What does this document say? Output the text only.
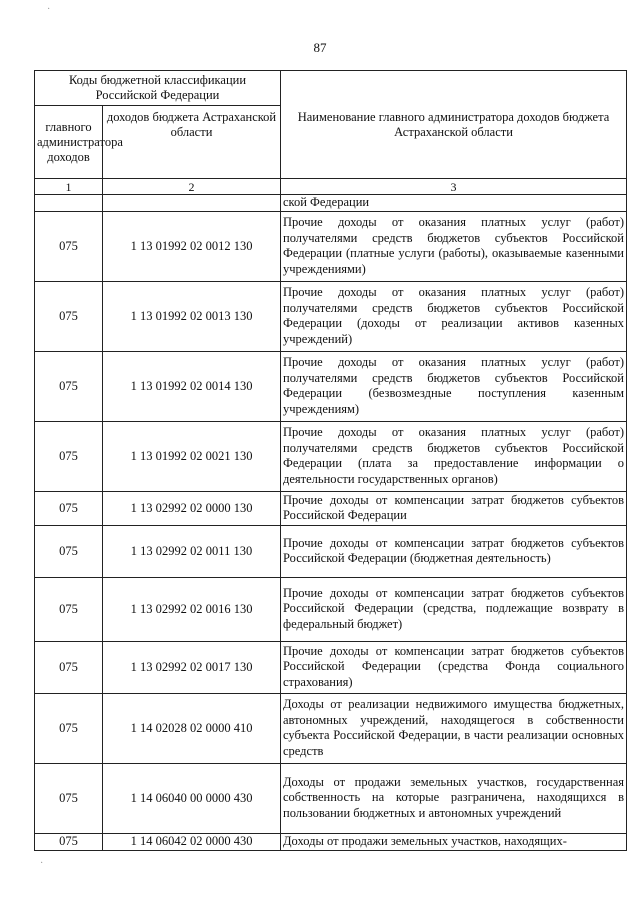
87
·
·
Коды бюджетной классификации Российской Федерации		Наименование главного администратора доходов бюджета Астраханской области
главного администратора доходов	доходов бюджета Астраханской области	
1	2	3
		ской Федерации
075	1 13 01992 02 0012 130	Прочие доходы от оказания платных услуг (работ) получателями средств бюджетов субъектов Российской Федерации (платные услуги (работы), оказываемые казенными учреждениями)
075	1 13 01992 02 0013 130	Прочие доходы от оказания платных услуг (работ) получателями средств бюджетов субъектов Российской Федерации (доходы от реализации активов казенных учреждений)
075	1 13 01992 02 0014 130	Прочие доходы от оказания платных услуг (работ) получателями средств бюджетов субъектов Российской Федерации (безвозмездные поступления казенным учреждениям)
075	1 13 01992 02 0021 130	Прочие доходы от оказания платных услуг (работ) получателями средств бюджетов субъектов Российской Федерации (плата за предоставление информации о деятельности государственных органов)
075	1 13 02992 02 0000 130	Прочие доходы от компенсации затрат бюджетов субъектов Российской Федерации
075	1 13 02992 02 0011 130	Прочие доходы от компенсации затрат бюджетов субъектов Российской Федерации (бюджетная деятельность)
075	1 13 02992 02 0016 130	Прочие доходы от компенсации затрат бюджетов субъектов Российской Федерации (средства, подлежащие возврату в федеральный бюджет)
075	1 13 02992 02 0017 130	Прочие доходы от компенсации затрат бюджетов субъектов Российской Федерации (средства Фонда социального страхования)
075	1 14 02028 02 0000 410	Доходы от реализации недвижимого имущества бюджетных, автономных учреждений, находящегося в собственности субъекта Российской Федерации, в части реализации основных средств
075	1 14 06040 00 0000 430	Доходы от продажи земельных участков, государственная собственность на которые разграничена, находящихся в пользовании бюджетных и автономных учреждений
075	1 14 06042 02 0000 430	Доходы от продажи земельных участков, находящих-
